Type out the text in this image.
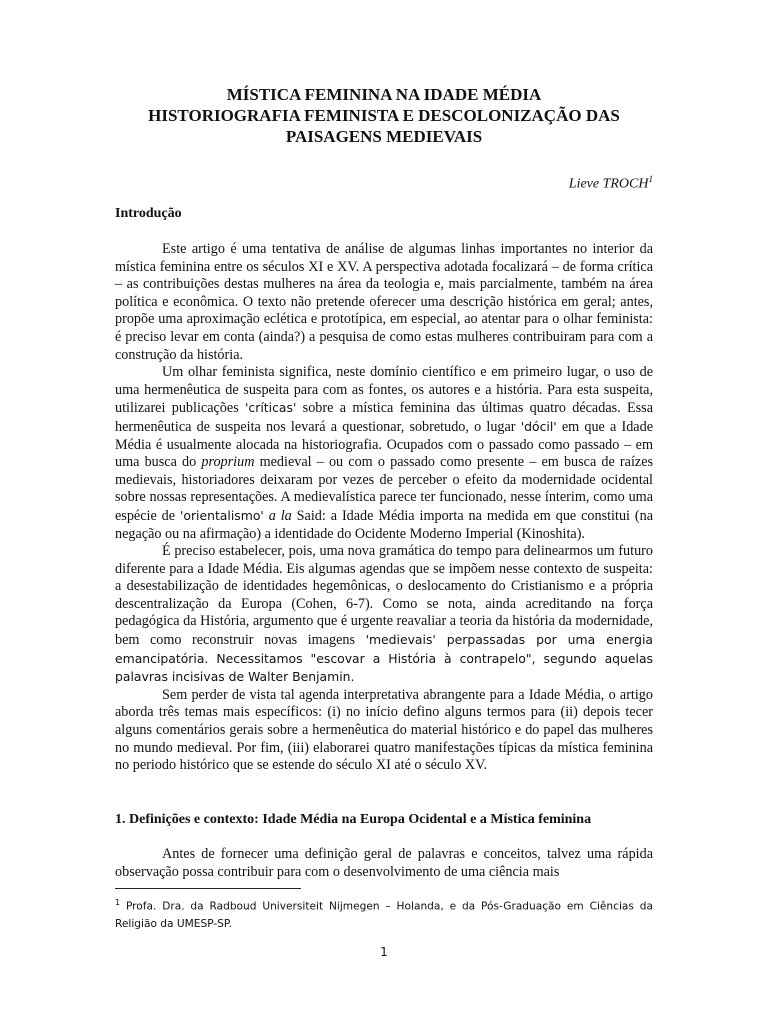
MÍSTICA FEMININA NA IDADE MÉDIA
HISTORIOGRAFIA FEMINISTA E DESCOLONIZAÇÃO DAS
PAISAGENS MEDIEVAIS
Lieve TROCH$^1$
Introdução

Este artigo é uma tentativa de análise de algumas linhas importantes no interior da mística feminina entre os séculos XI e XV. A perspectiva adotada focalizará – de forma crítica – as contribuições destas mulheres na área da teologia e, mais parcialmente, também na área política e econômica. O texto não pretende oferecer uma descrição histórica em geral; antes, propõe uma aproximação eclética e prototípica, em especial, ao atentar para o olhar feminista: é preciso levar em conta (ainda?) a pesquisa de como estas mulheres contribuiram para com a construção da história.

Um olhar feminista significa, neste domínio científico e em primeiro lugar, o uso de uma hermenêutica de suspeita para com as fontes, os autores e a história. Para esta suspeita, utilizarei publicações 'críticas' sobre a mística feminina das últimas quatro décadas. Essa hermenêutica de suspeita nos levará a questionar, sobretudo, o lugar 'dócil' em que a Idade Média é usualmente alocada na historiografia. Ocupados com o passado como passado – em uma busca do proprium medieval – ou com o passado como presente – em busca de raízes medievais, historiadores deixaram por vezes de perceber o efeito da modernidade ocidental sobre nossas representações. A medievalística parece ter funcionado, nesse ínterim, como uma espécie de 'orientalismo' a la Said: a Idade Média importa na medida em que constitui (na negação ou na afirmação) a identidade do Ocidente Moderno Imperial (Kinoshita).

É preciso estabelecer, pois, uma nova gramática do tempo para delinearmos um futuro diferente para a Idade Média. Eis algumas agendas que se impõem nesse contexto de suspeita: a desestabilização de identidades hegemônicas, o deslocamento do Cristianismo e a própria descentralização da Europa (Cohen, 6-7). Como se nota, ainda acreditando na força pedagógica da História, argumento que é urgente reavaliar a teoria da história da modernidade, bem como reconstruir novas imagens 'medievais' perpassadas por uma energia emancipatória. Necessitamos "escovar a História à contrapelo", segundo aquelas palavras incisivas de Walter Benjamin.

Sem perder de vista tal agenda interpretativa abrangente para a Idade Média, o artigo aborda três temas mais específicos: (i) no início defino alguns termos para (ii) depois tecer alguns comentários gerais sobre a hermenêutica do material histórico e do papel das mulheres no mundo medieval. Por fim, (iii) elaborarei quatro manifestações típicas da mística feminina no periodo histórico que se estende do século XI até o século XV.

1. Definições e contexto: Idade Média na Europa Ocidental e a Mística feminina

Antes de fornecer uma definição geral de palavras e conceitos, talvez uma rápida observação possa contribuir para com o desenvolvimento de uma ciência mais

$^1$ Profa. Dra. da Radboud Universiteit Nijmegen – Holanda, e da Pós-Graduação em Ciências da Religião da UMESP-SP.
1
